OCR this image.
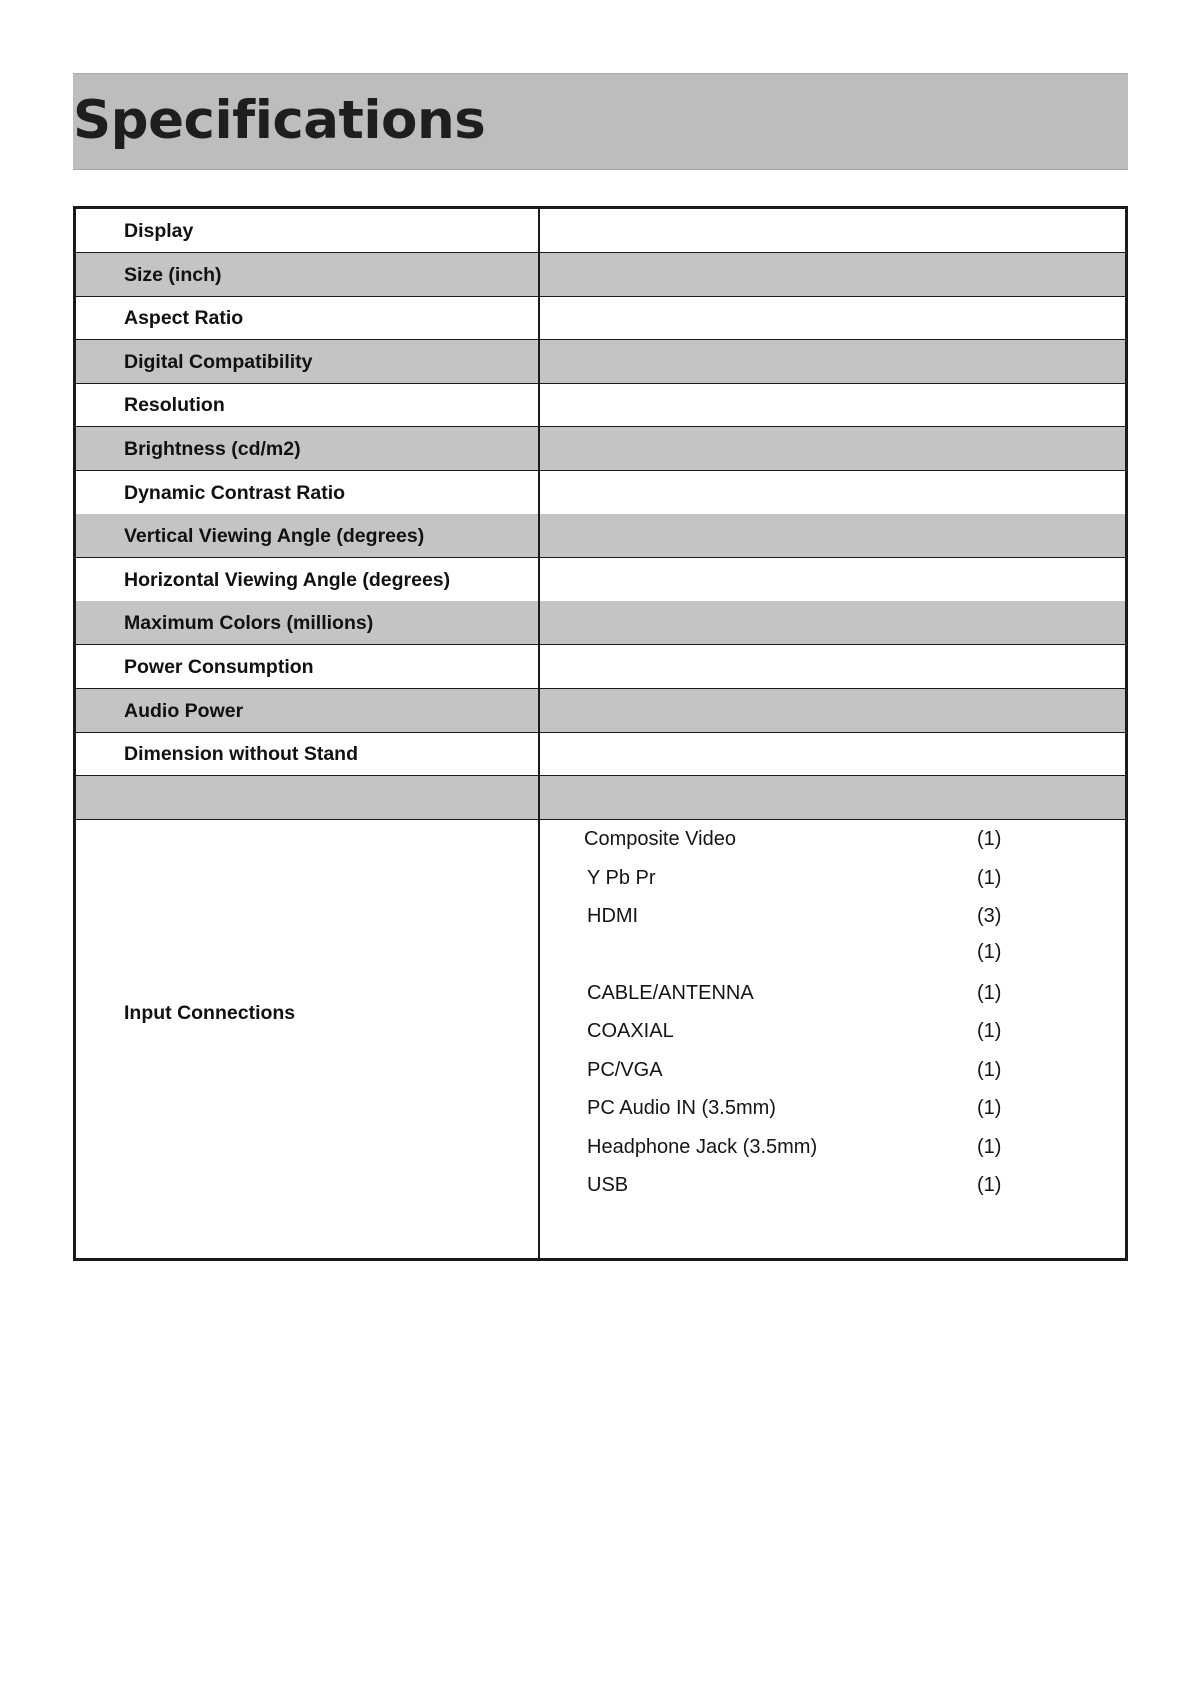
Specifications
Display
Size (inch)
Aspect Ratio
Digital Compatibility
Resolution
Brightness (cd/m2)
Dynamic Contrast Ratio
Vertical Viewing Angle (degrees)
Horizontal Viewing Angle (degrees)
Maximum Colors (millions)
Power Consumption
Audio Power
Dimension without Stand
Input Connections
Composite Video	(1)
Y Pb Pr	(1)
HDMI	(3)
(1)
CABLE/ANTENNA	(1)
COAXIAL	(1)
PC/VGA	(1)
PC Audio IN (3.5mm)	(1)
Headphone Jack (3.5mm)	(1)
USB	(1)
